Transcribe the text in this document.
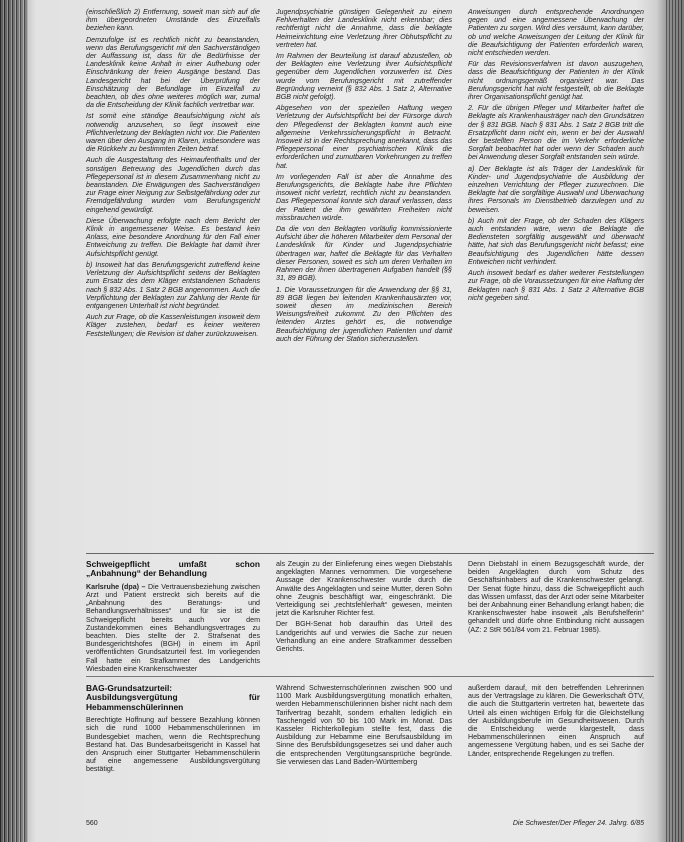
(einschließlich 2) Entfernung, soweit man sich auf die ihm übergeordneten Umstände des Einzelfalls beziehen kann.

Demzufolge ist es rechtlich nicht zu beanstanden, wenn das Berufungsgericht mit den Sachverständigen der Auffassung ist, dass für die Bedürfnisse der Landesklinik keine Anhalt in einer Aufhebung oder Einschränkung der freien Ausgänge bestand. Das Landesgericht hat bei der Überprüfung der Einschätzung der Befundlage im Einzelfall zu beachten, ob dies ohne weiteres möglich war, zumal da die Entscheidung der Klinik fachlich vertretbar war.

Ist somit eine ständige Beaufsichtigung nicht als notwendig anzusehen, so liegt insoweit eine Pflichtverletzung der Beklagten nicht vor. Die Patienten waren über den Ausgang im Klaren, insbesondere was die Rückkehr zu bestimmten Zeiten betraf.

Auch die Ausgestaltung des Heimaufenthalts und der sonstigen Betreuung des Jugendlichen durch das Pflegepersonal ist in diesem Zusammenhang nicht zu beanstanden. Die Erwägungen des Sachverständigen zur Frage einer Neigung zur Selbstgefährdung oder zur Fremdgefährdung wurden vom Berufungsgericht eingehend gewürdigt.

Diese Überwachung erfolgte nach dem Bericht der Klinik in angemessener Weise. Es bestand kein Anlass, eine besondere Anordnung für den Fall einer Entweichung zu treffen. Die Beklagte hat damit ihrer Aufsichtspflicht genügt.

b) Insoweit hat das Berufungsgericht zutreffend keine Verletzung der Aufsichtspflicht seitens der Beklagten zum Ersatz des dem Kläger entstandenen Schadens nach § 832 Abs. 1 Satz 2 BGB angenommen. Auch die Verpflichtung der Beklagten zur Zahlung der Rente für entgangenen Unterhalt ist nicht begründet.

Auch zur Frage, ob die Kassenleistungen insoweit dem Kläger zustehen, bedarf es keiner weiteren Feststellungen; die Revision ist daher zurückzuweisen.

Jugendpsychiatrie günstigen Gelegenheit zu einem Fehlverhalten der Landesklinik nicht erkennbar; dies rechtfertigt nicht die Annahme, dass die beklagte Heimeinrichtung eine Verletzung ihrer Obhutspflicht zu vertreten hat.

Im Rahmen der Beurteilung ist darauf abzustellen, ob der Beklagten eine Verletzung ihrer Aufsichtspflicht gegenüber dem Jugendlichen vorzuwerfen ist. Dies wurde vom Berufungsgericht mit zutreffender Begründung verneint (§ 832 Abs. 1 Satz 2, Alternative BGB nicht gefolgt).

Abgesehen von der speziellen Haftung wegen Verletzung der Aufsichtspflicht bei der Fürsorge durch den Pflegedienst der Beklagten kommt auch eine allgemeine Verkehrssicherungspflicht in Betracht. Insoweit ist in der Rechtsprechung anerkannt, dass das Pflegepersonal einer psychiatrischen Klinik die erforderlichen und zumutbaren Vorkehrungen zu treffen hat.

Im vorliegenden Fall ist aber die Annahme des Berufungsgerichts, die Beklagte habe ihre Pflichten insoweit nicht verletzt, rechtlich nicht zu beanstanden. Das Pflegepersonal konnte sich darauf verlassen, dass der Patient die ihm gewährten Freiheiten nicht missbrauchen würde.

Da die von den Beklagten vorläufig kommissionierte Aufsicht über die höheren Mitarbeiter dem Personal der Landesklinik für Kinder und Jugendpsychiatrie übertragen war, haftet die Beklagte für das Verhalten dieser Personen, soweit es sich um deren Verhalten im Rahmen der ihnen übertragenen Aufgaben handelt (§§ 31, 89 BGB).

1. Die Voraussetzungen für die Anwendung der §§ 31, 89 BGB liegen bei leitenden Krankenhausärzten vor, soweit diesen im medizinischen Bereich Weisungsfreiheit zukommt. Zu den Pflichten des leitenden Arztes gehört es, die notwendige Beaufsichtigung der jugendlichen Patienten und damit auch der Führung der Station sicherzustellen.

Anweisungen durch entsprechende Anordnungen gegen und eine angemessene Überwachung der Patienten zu sorgen. Wird dies versäumt, kann darüber, ob und welche Anweisungen der Leitung der Klinik für die Beaufsichtigung der Patienten erforderlich waren, nicht entschieden werden.

Für das Revisionsverfahren ist davon auszugehen, dass die Beaufsichtigung der Patienten in der Klinik nicht ordnungsgemäß organisiert war. Das Berufungsgericht hat nicht festgestellt, ob die Beklagte ihrer Organisationspflicht genügt hat.

2. Für die übrigen Pfleger und Mitarbeiter haftet die Beklagte als Krankenhausträger nach den Grundsätzen der § 831 BGB. Nach § 831 Abs. 1 Satz 2 BGB tritt die Ersatzpflicht dann nicht ein, wenn er bei der Auswahl der bestellten Person die im Verkehr erforderliche Sorgfalt beobachtet hat oder wenn der Schaden auch bei Anwendung dieser Sorgfalt entstanden sein würde.

a) Der Beklagte ist als Träger der Landesklinik für Kinder- und Jugendpsychiatrie die Ausbildung der einzelnen Verrichtung der Pfleger zuzurechnen. Die Beklagte hat die sorgfältige Auswahl und Überwachung ihres Personals im Dienstbetrieb darzulegen und zu beweisen.

b) Auch mit der Frage, ob der Schaden des Klägers auch entstanden wäre, wenn die Beklagte die Bediensteten sorgfältig ausgewählt und überwacht hätte, hat sich das Berufungsgericht nicht befasst; eine Beaufsichtigung des Jugendlichen hätte dessen Entweichen nicht verhindert.

Auch insoweit bedarf es daher weiterer Feststellungen zur Frage, ob die Voraussetzungen für eine Haftung der Beklagten nach § 831 Abs. 1 Satz 2 Alternative BGB nicht gegeben sind.

Schweigepflicht umfaßt schon „Anbahnung“ der Behandlung

Karlsruhe (dpa) – Die Vertrauensbeziehung zwischen Arzt und Patient erstreckt sich bereits auf die „Anbahnung des Beratungs- und Behandlungsverhältnisses“ und für sie ist die Schweigepflicht bereits auch vor dem Zustandekommen eines Behandlungsvertrages zu beachten. Dies stellte der 2. Strafsenat des Bundesgerichtshofes (BGH) in einem im April veröffentlichten Grundsatzurteil fest. Im vorliegenden Fall hatte ein Strafkammer des Landgerichts Wiesbaden eine Krankenschwester

als Zeugin zu der Einlieferung eines wegen Diebstahls angeklagten Mannes vernommen. Die vorgesehene Aussage der Krankenschwester wurde durch die Anwälte des Angeklagten und seine Mutter, deren Sohn ohne Zeugnis beschäftigt war, eingeschränkt. Die Verteidigung sei „rechtsfehlerhaft“ gewesen, meinten jetzt die Karlsruher Richter fest.

Der BGH-Senat hob daraufhin das Urteil des Landgerichts auf und verwies die Sache zur neuen Verhandlung an eine andere Strafkammer desselben Gerichts.

Denn Diebstahl in einem Bezugsgeschäft wurde, der beiden Angeklagten durch vom Schutz des Geschäftsinhabers auf die Krankenschwester gelangt. Der Senat fügte hinzu, dass die Schweigepflicht auch das Wissen umfasst, das der Arzt oder seine Mitarbeiter bei der Anbahnung einer Behandlung erlangt haben; die Krankenschwester habe insoweit „als Berufshelferin“ gehandelt und dürfe ohne Entbindung nicht aussagen (AZ: 2 StR 561/84 vom 21. Februar 1985).

BAG-Grundsatzurteil: Ausbildungsvergütung für Hebammenschülerinnen

Berechtigte Hoffnung auf bessere Bezahlung können sich die rund 1000 Hebammenschülerinnen im Bundesgebiet machen, wenn die Rechtsprechung Bestand hat. Das Bundesarbeitsgericht in Kassel hat den Anspruch einer Stuttgarter Hebammenschülerin auf eine angemessene Ausbildungsvergütung bestätigt.

Während Schwesternschülerinnen zwischen 900 und 1100 Mark Ausbildungsvergütung monatlich erhalten, werden Hebammenschülerinnen bisher nicht nach dem Tarifvertrag bezahlt, sondern erhalten lediglich ein Taschengeld von 50 bis 100 Mark im Monat. Das Kasseler Richterkollegium stellte fest, dass die Ausbildung zur Hebamme eine Berufsausbildung im Sinne des Berufsbildungsgesetzes sei und daher auch die entsprechenden Vergütungsansprüche begründe. Sie verwiesen das Land Baden-Württemberg

außerdem darauf, mit den betreffenden Lehrerinnen aus der Vertragslage zu klären. Die Gewerkschaft ÖTV, die auch die Stuttgarterin vertreten hat, bewertete das Urteil als einen wichtigen Erfolg für die Gleichstellung der Ausbildungsberufe im Gesundheitswesen. Durch die Entscheidung werde klargestellt, dass Hebammenschülerinnen einen Anspruch auf angemessene Vergütung haben, und es sei Sache der Länder, entsprechende Regelungen zu treffen.

560	Die Schwester/Der Pfleger 24. Jahrg. 6/85
